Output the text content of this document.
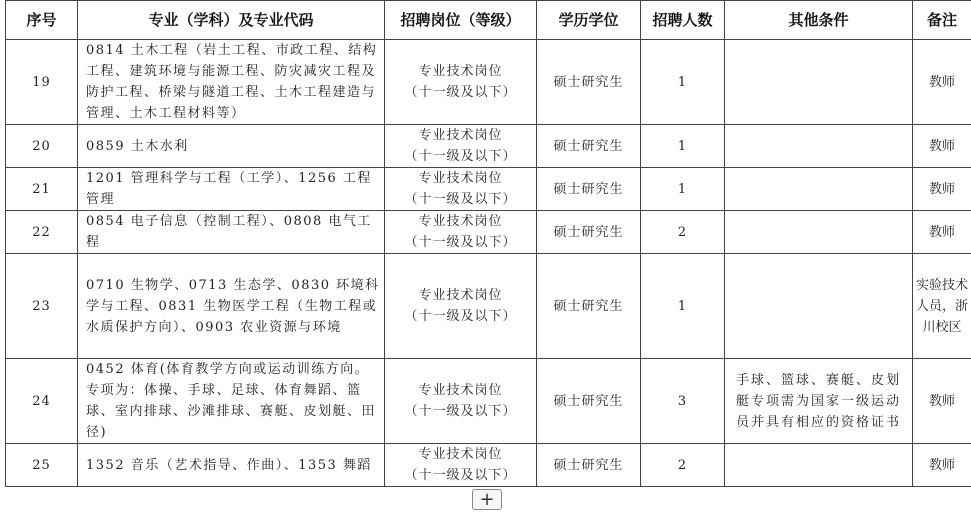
序号	专业（学科）及专业代码	招聘岗位（等级）	学历学位	招聘人数	其他条件	备注
19	0814 土木工程（岩土工程、市政工程、结构工程、建筑环境与能源工程、防灾减灾工程及防护工程、桥梁与隧道工程、土木工程建造与管理、土木工程材料等）	专业技术岗位
（十一级及以下）	硕士研究生	1		教师
20	0859 土木水利	专业技术岗位
（十一级及以下）	硕士研究生	1		教师
21	1201 管理科学与工程（工学）、1256 工程管理	专业技术岗位
（十一级及以下）	硕士研究生	1		教师
22	0854 电子信息（控制工程）、0808 电气工程	专业技术岗位
（十一级及以下）	硕士研究生	2		教师
23	0710 生物学、0713 生态学、0830 环境科学与工程、0831 生物医学工程（生物工程或水质保护方向）、0903 农业资源与环境	专业技术岗位
（十一级及以下）	硕士研究生	1		实验技术人员，浙川校区
24	0452 体育(体育教学方向或运动训练方向。专项为：体操、手球、足球、体育舞蹈、篮球、室内排球、沙滩排球、赛艇、皮划艇、田径)	专业技术岗位
（十一级及以下）	硕士研究生	3	手球、篮球、赛艇、皮划艇专项需为国家一级运动员并具有相应的资格证书	教师
25	1352 音乐（艺术指导、作曲）、1353 舞蹈	专业技术岗位
（十一级及以下）	硕士研究生	2		教师
+
